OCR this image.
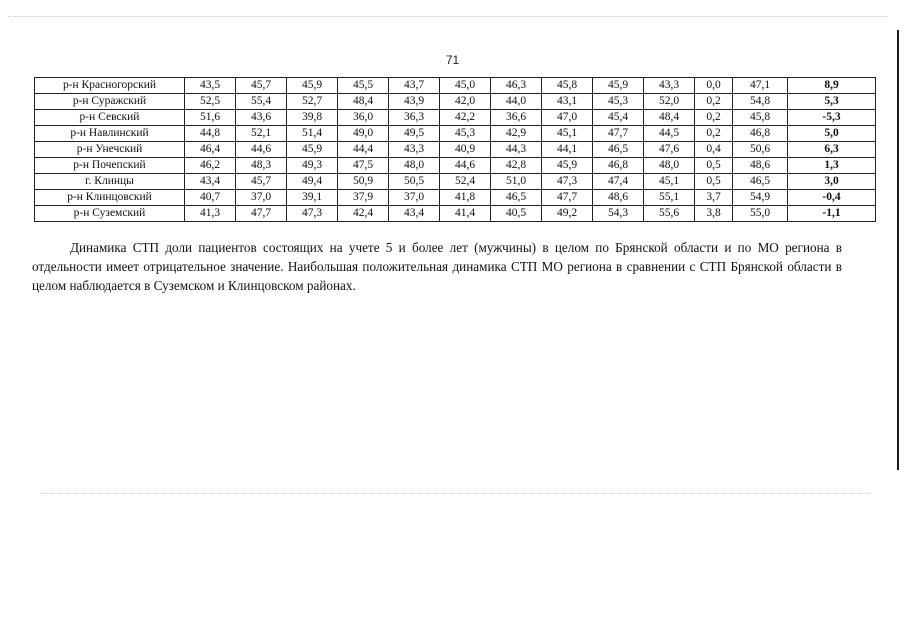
71
р-н Красногорский	43,5	45,7	45,9	45,5	43,7	45,0	46,3	45,8	45,9	43,3	0,0	47,1	8,9
р-н Суражский	52,5	55,4	52,7	48,4	43,9	42,0	44,0	43,1	45,3	52,0	0,2	54,8	5,3
р-н Севский	51,6	43,6	39,8	36,0	36,3	42,2	36,6	47,0	45,4	48,4	0,2	45,8	-5,3
р-н Навлинский	44,8	52,1	51,4	49,0	49,5	45,3	42,9	45,1	47,7	44,5	0,2	46,8	5,0
р-н Унечский	46,4	44,6	45,9	44,4	43,3	40,9	44,3	44,1	46,5	47,6	0,4	50,6	6,3
р-н Почепский	46,2	48,3	49,3	47,5	48,0	44,6	42,8	45,9	46,8	48,0	0,5	48,6	1,3
г. Клинцы	43,4	45,7	49,4	50,9	50,5	52,4	51,0	47,3	47,4	45,1	0,5	46,5	3,0
р-н Клинцовский	40,7	37,0	39,1	37,9	37,0	41,8	46,5	47,7	48,6	55,1	3,7	54,9	-0,4
р-н Суземский	41,3	47,7	47,3	42,4	43,4	41,4	40,5	49,2	54,3	55,6	3,8	55,0	-1,1

Динамика СТП доли пациентов состоящих на учете 5 и более лет (мужчины) в целом по Брянской области и по МО региона в отдельности имеет отрицательное значение. Наибольшая положительная динамика СТП МО региона в сравнении с СТП Брянской области в целом наблюдается в Суземском и Клинцовском районах.
